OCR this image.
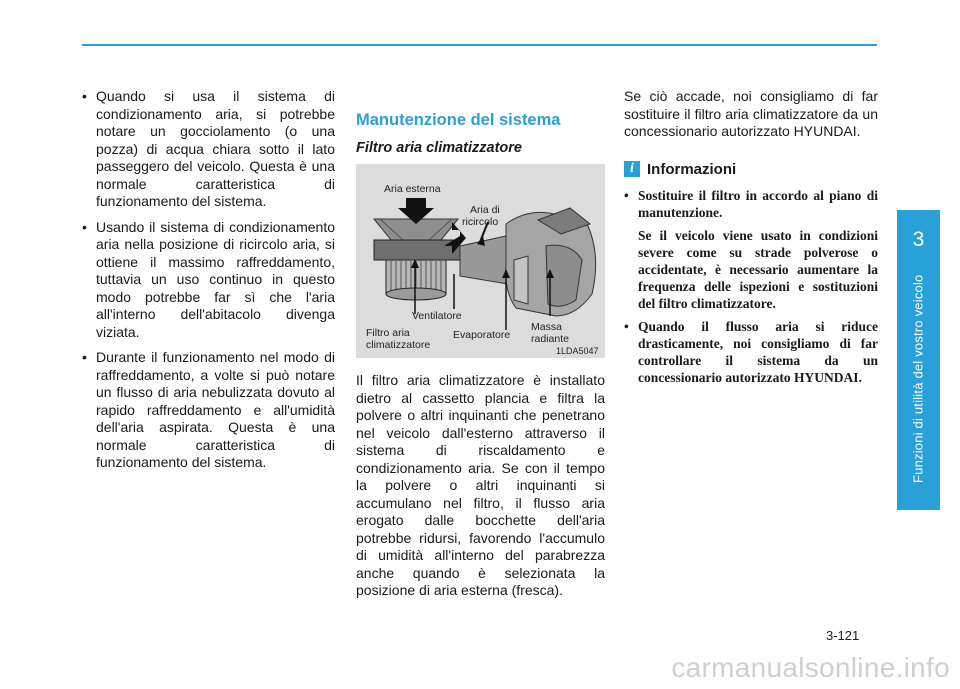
3
Funzioni di utilità del vostro veicolo
• Quando si usa il sistema di condizionamento aria, si potrebbe notare un gocciolamento (o una pozza) di acqua chiara sotto il lato passeggero del veicolo. Questa è una normale caratteristica di funzionamento del sistema.
• Usando il sistema di condizionamento aria nella posizione di ricircolo aria, si ottiene il massimo raffreddamento, tuttavia un uso continuo in questo modo potrebbe far sì che l'aria all'interno dell'abitacolo divenga viziata.
• Durante il funzionamento nel modo di raffreddamento, a volte si può notare un flusso di aria nebulizzata dovuto al rapido raffreddamento e all'umidità dell'aria aspirata. Questa è una normale caratteristica di funzionamento del sistema.
Manutenzione del sistema
Filtro aria climatizzatore
Aria esterna
Aria di
ricircolo
Ventilatore
Filtro aria
climatizzatore
Evaporatore
Massa
radiante
1LDA5047

Il filtro aria climatizzatore è installato dietro al cassetto plancia e filtra la polvere o altri inquinanti che penetrano nel veicolo dall'esterno attraverso il sistema di riscaldamento e condizionamento aria. Se con il tempo la polvere o altri inquinanti si accumulano nel filtro, il flusso aria erogato dalle bocchette dell'aria potrebbe ridursi, favorendo l'accumulo di umidità all'interno del parabrezza anche quando è selezionata la posizione di aria esterna (fresca).

Se ciò accade, noi consigliamo di far sostituire il filtro aria climatizzatore da un concessionario autorizzato HYUNDAI.

i Informazioni

• Sostituire il filtro in accordo al piano di manutenzione.

Se il veicolo viene usato in condizioni severe come su strade polverose o accidentate, è necessario aumentare la frequenza delle ispezioni e sostituzioni del filtro climatizzatore.

• Quando il flusso aria si riduce drasticamente, noi consigliamo di far controllare il sistema da un concessionario autorizzato HYUNDAI.

3-121
carmanualsonline.info
